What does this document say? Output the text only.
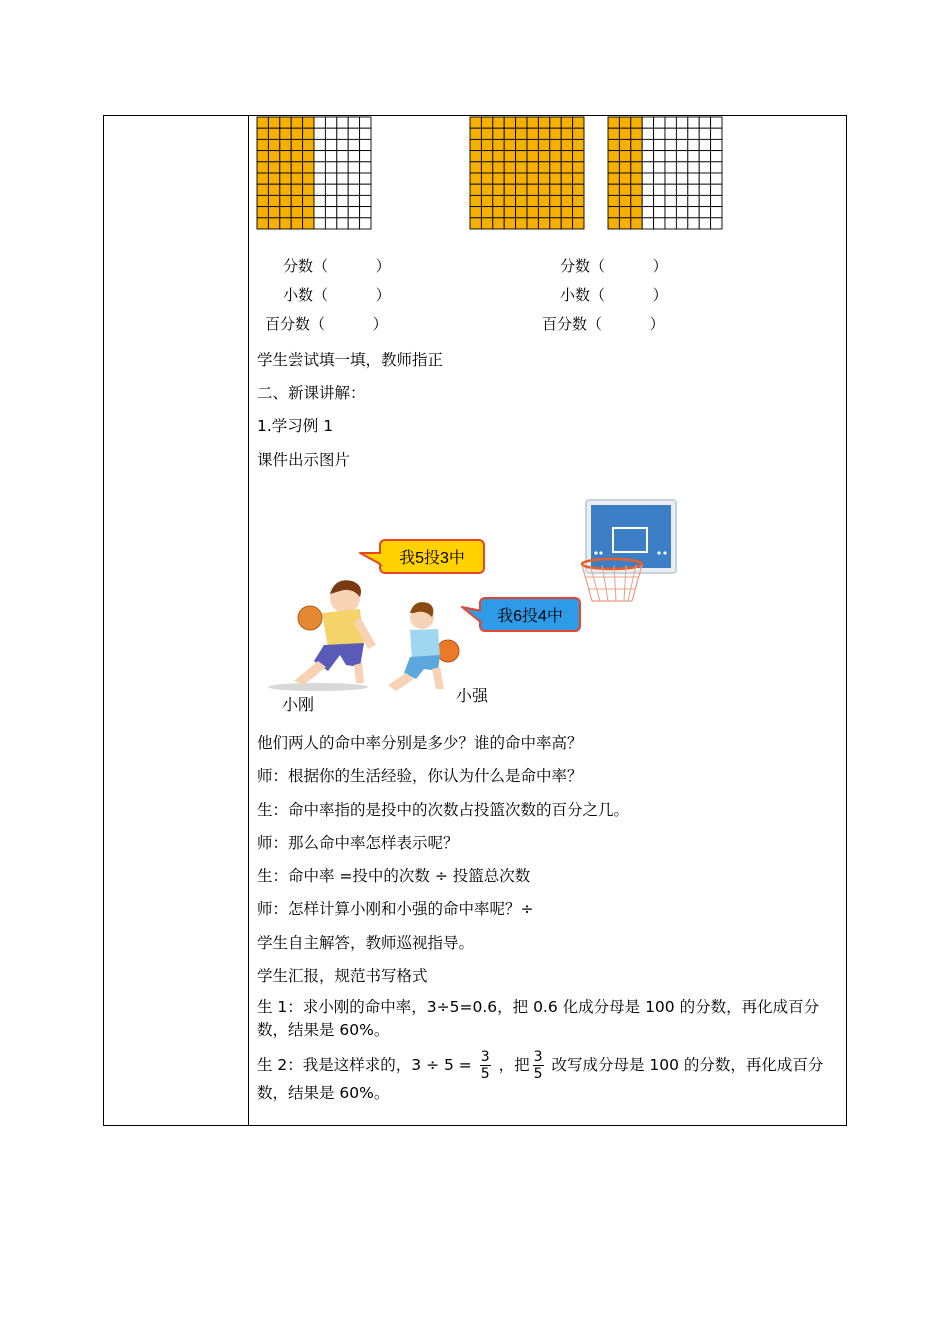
分数（          ）
小数（          ）
百分数（          ）
分数（          ）
小数（          ）
百分数（          ）
学生尝试填一填，教师指正
二、新课讲解：
1.学习例 1
课件出示图片
我5投3中
我6投4中
小刚
小强
他们两人的命中率分别是多少？谁的命中率高？
师：根据你的生活经验，你认为什么是命中率？
生：命中率指的是投中的次数占投篮次数的百分之几。
师：那么命中率怎样表示呢？
生：命中率 =投中的次数 ÷ 投篮总次数
师：怎样计算小刚和小强的命中率呢？÷
学生自主解答，教师巡视指导。
学生汇报，规范书写格式
生 1：求小刚的命中率，3÷5=0.6，把 0.6 化成分母是 100 的分数，再化成百分数，结果是 60%。
生 2：我是这样求的，$3 \div 5 = \frac{3}{5}$ ，把 $\frac{3}{5}$ 改写成分母是 100 的分数，再化成百分数，结果是 60%。
